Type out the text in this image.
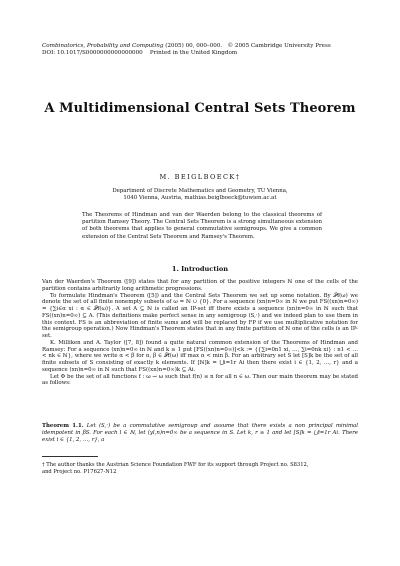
Combinatorics, Probability and Computing (2005) 00, 000–000. © 2005 Cambridge University Press
DOI: 10.1017/S0000000000000000 Printed in the United Kingdom
A Multidimensional Central Sets Theorem
M. BEIGLBOECK†
Department of Discrete Mathematics and Geometry, TU Vienna,
1040 Vienna, Austria, mathias.beiglboeck@tuwien.ac.at
The Theorems of Hindman and van der Waerden belong to the classical theorems of partition Ramsey Theory. The Central Sets Theorem is a strong simultaneous extension of both theorems that applies to general commutative semigroups. We give a common extension of the Central Sets Theorem and Ramsey's Theorem.
1. Introduction

Van der Waerden's Theorem ([9]) states that for any partition of the positive integers ℕ one of the cells of the partition contains arbitrarily long arithmetic progressions.

To formulate Hindman's Theorem ([5]) and the Central Sets Theorem we set up some notation. By 𝒫f(ω) we denote the set of all finite nonempty subsets of ω = ℕ ∪ {0}. For a sequence (xn)n=0∞ in ℕ we put FS((xn)n=0∞) = {∑i∈α xi : α ∈ 𝒫f(ω)}. A set A ⊆ ℕ is called an IP-set iff there exists a sequence (xn)n=0∞ in ℕ such that FS((xn)n=0∞) ⊆ A. (This definitions make perfect sense in any semigroup (S,·) and we indeed plan to use them in this context. FS is an abbreviation of finite sums and will be replaced by FP if we use multiplicative notation for the semigroup operation.) Now Hindman's Theorem states that in any finite partition of ℕ one of the cells is an IP-set.

K. Milliken and A. Taylor ([7, 8]) found a quite natural common extension of the Theorems of Hindman and Ramsey: For a sequence (xn)n=0∞ in ℕ and k ≥ 1 put [FS((xn)n=0∞)]<k := {{∑i=0n1 xi, …, ∑i=0nk xi} : n1 < … < nk ∈ ℕ}, where we write α < β for α, β ∈ 𝒫f(ω) iff max α < min β. For an arbitrary set S let [S]k be the set of all finite subsets of S consisting of exactly k elements. If [ℕ]k = ⋃i=1r Ai then there exist i ∈ {1, 2, …, r} and a sequence (xn)n=0∞ in ℕ such that FS((xn)n=0∞)k ⊆ Ai.

Let Φ be the set of all functions f : ω → ω such that f(n) ≤ n for all n ∈ ω. Then our main theorem may be stated as follows:

Theorem 1.1. Let (S,·) be a commutative semigroup and assume that there exists a non principal minimal idempotent in βS. For each l ∈ ℕ, let (yl,n)n=0∞ be a sequence in S. Let k, r ≥ 1 and let [S]k = ⋃i=1r Ai. There exist i ∈ {1, 2, …, r}, a
† The author thanks the Austrian Science Foundation FWF for its support through Project no. S8312,
and Project no. P17627-N12
